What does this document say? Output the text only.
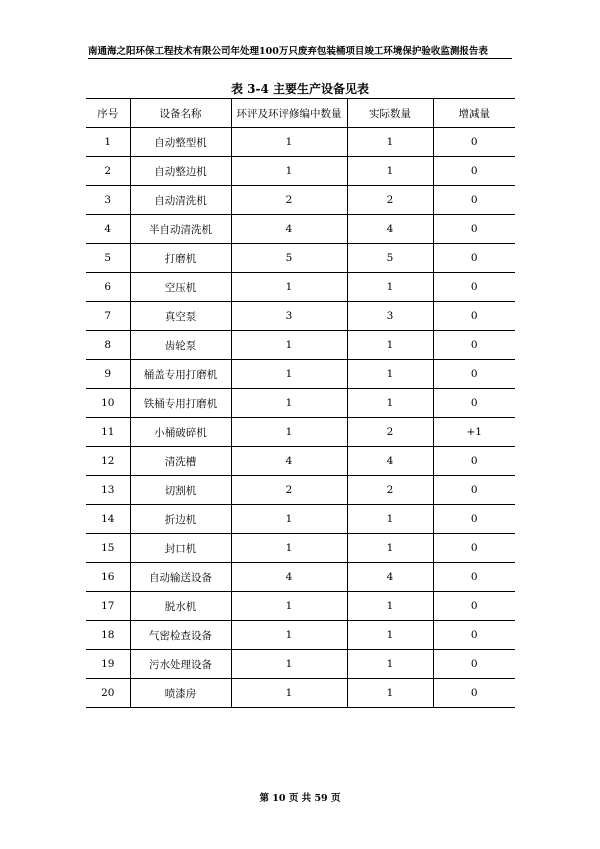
南通海之阳环保工程技术有限公司年处理100万只废弃包装桶项目竣工环境保护验收监测报告表
表 3-4 主要生产设备见表
序号	设备名称	环评及环评修编中数量	实际数量	增减量
1	自动整型机	1	1	0
2	自动整边机	1	1	0
3	自动清洗机	2	2	0
4	半自动清洗机	4	4	0
5	打磨机	5	5	0
6	空压机	1	1	0
7	真空泵	3	3	0
8	齿轮泵	1	1	0
9	桶盖专用打磨机	1	1	0
10	铁桶专用打磨机	1	1	0
11	小桶破碎机	1	2	+1
12	清洗槽	4	4	0
13	切割机	2	2	0
14	折边机	1	1	0
15	封口机	1	1	0
16	自动输送设备	4	4	0
17	脱水机	1	1	0
18	气密检查设备	1	1	0
19	污水处理设备	1	1	0
20	喷漆房	1	1	0
第 10 页 共 59 页
